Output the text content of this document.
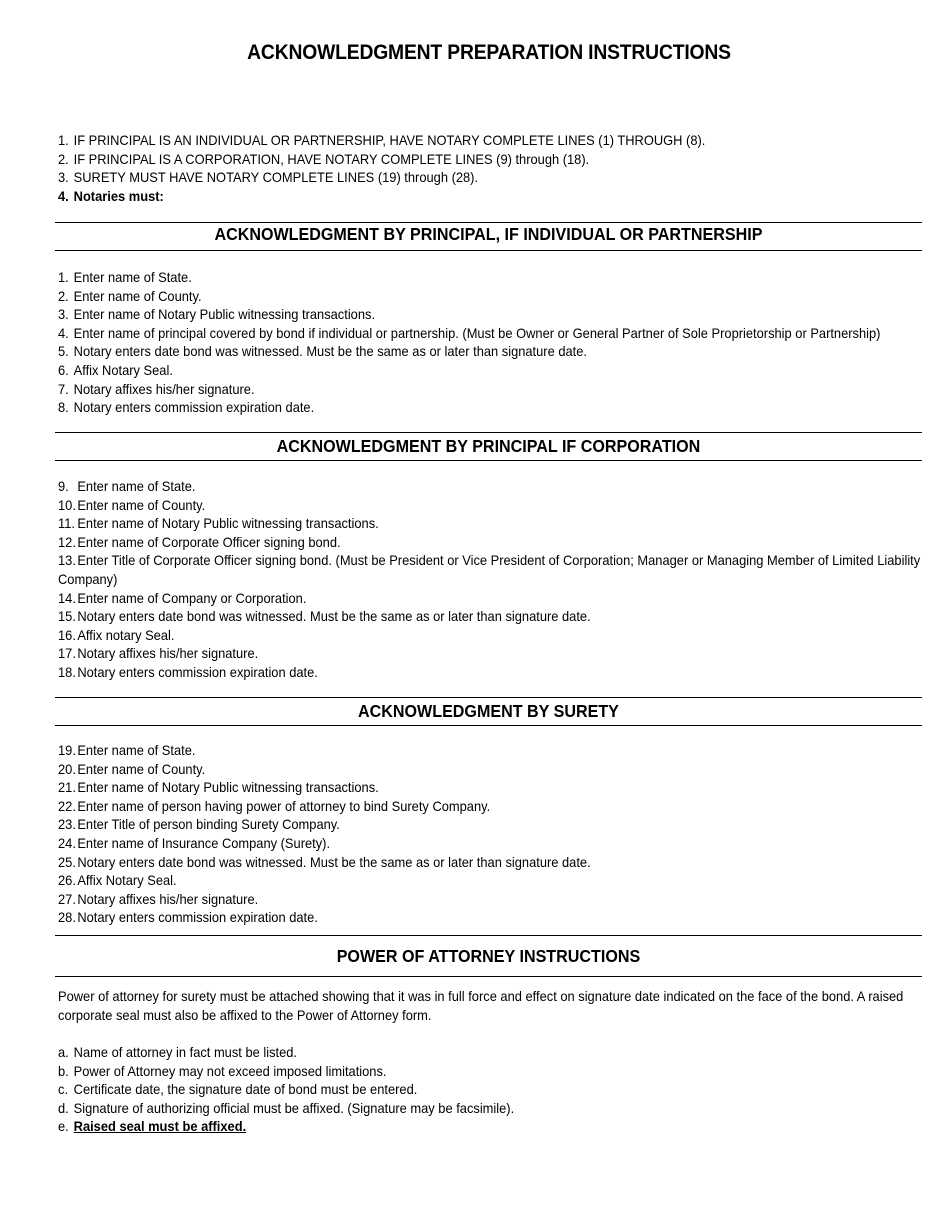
ACKNOWLEDGMENT PREPARATION INSTRUCTIONS
1. IF PRINCIPAL IS AN INDIVIDUAL OR PARTNERSHIP, HAVE NOTARY COMPLETE LINES (1) THROUGH (8).
2. IF PRINCIPAL IS A CORPORATION, HAVE NOTARY COMPLETE LINES (9) through (18).
3. SURETY MUST HAVE NOTARY COMPLETE LINES (19) through (28).
4. Notaries must:
ACKNOWLEDGMENT BY PRINCIPAL, IF INDIVIDUAL OR PARTNERSHIP
1. Enter name of State.
2. Enter name of County.
3. Enter name of Notary Public witnessing transactions.
4. Enter name of principal covered by bond if individual or partnership. (Must be Owner or General Partner of Sole Proprietorship or Partnership)
5. Notary enters date bond was witnessed. Must be the same as or later than signature date.
6. Affix Notary Seal.
7. Notary affixes his/her signature.
8. Notary enters commission expiration date.
ACKNOWLEDGMENT BY PRINCIPAL IF CORPORATION
9. Enter name of State.
10. Enter name of County.
11. Enter name of Notary Public witnessing transactions.
12. Enter name of Corporate Officer signing bond.
13. Enter Title of Corporate Officer signing bond. (Must be President or Vice President of Corporation; Manager or Managing Member of Limited Liability
Company)
14. Enter name of Company or Corporation.
15. Notary enters date bond was witnessed. Must be the same as or later than signature date.
16. Affix notary Seal.
17. Notary affixes his/her signature.
18. Notary enters commission expiration date.
ACKNOWLEDGMENT BY SURETY
19. Enter name of State.
20. Enter name of County.
21. Enter name of Notary Public witnessing transactions.
22. Enter name of person having power of attorney to bind Surety Company.
23. Enter Title of person binding Surety Company.
24. Enter name of Insurance Company (Surety).
25. Notary enters date bond was witnessed. Must be the same as or later than signature date.
26. Affix Notary Seal.
27. Notary affixes his/her signature.
28. Notary enters commission expiration date.
POWER OF ATTORNEY INSTRUCTIONS
Power of attorney for surety must be attached showing that it was in full force and effect on signature date indicated on the face of the bond. A raised
corporate seal must also be affixed to the Power of Attorney form.
a. Name of attorney in fact must be listed.
b. Power of Attorney may not exceed imposed limitations.
c. Certificate date, the signature date of bond must be entered.
d. Signature of authorizing official must be affixed. (Signature may be facsimile).
e. Raised seal must be affixed.
